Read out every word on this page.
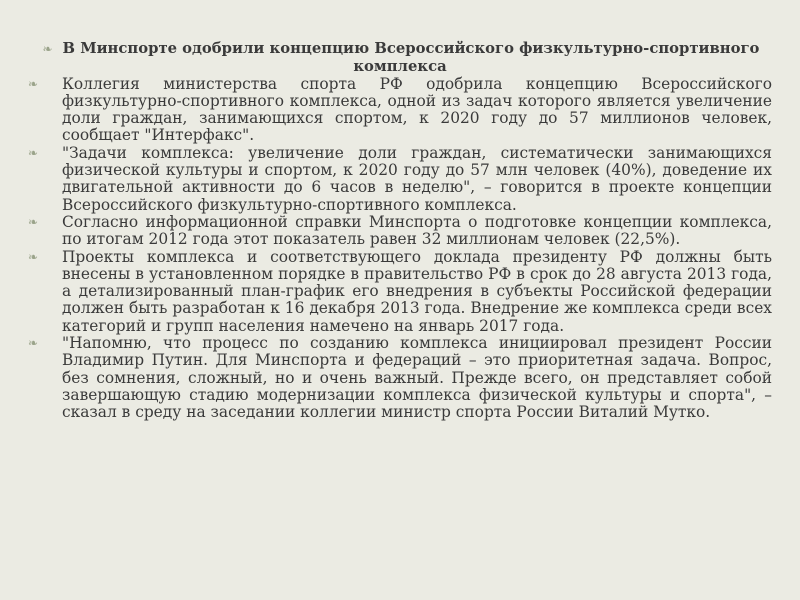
❧ В Минспорте одобрили концепцию Всероссийского физкультурно-спортивного комплекса
❧ Коллегия министерства спорта РФ одобрила концепцию Всероссийского физкультурно-спортивного комплекса, одной из задач которого является увеличение доли граждан, занимающихся спортом, к 2020 году до 57 миллионов человек, сообщает "Интерфакс".
❧ "Задачи комплекса: увеличение доли граждан, систематически занимающихся физической культуры и спортом, к 2020 году до 57 млн человек (40%), доведение их двигательной активности до 6 часов в неделю", – говорится в проекте концепции Всероссийского физкультурно-спортивного комплекса.
❧ Согласно информационной справки Минспорта о подготовке концепции комплекса, по итогам 2012 года этот показатель равен 32 миллионам человек (22,5%).
❧ Проекты комплекса и соответствующего доклада президенту РФ должны быть внесены в установленном порядке в правительство РФ в срок до 28 августа 2013 года, а детализированный план-график его внедрения в субъекты Российской федерации должен быть разработан к 16 декабря 2013 года. Внедрение же комплекса среди всех категорий и групп населения намечено на январь 2017 года.
❧ "Напомню, что процесс по созданию комплекса инициировал президент России Владимир Путин. Для Минспорта и федераций – это приоритетная задача. Вопрос, без сомнения, сложный, но и очень важный. Прежде всего, он представляет собой завершающую стадию модернизации комплекса физической культуры и спорта", – сказал в среду на заседании коллегии министр спорта России Виталий Мутко.
